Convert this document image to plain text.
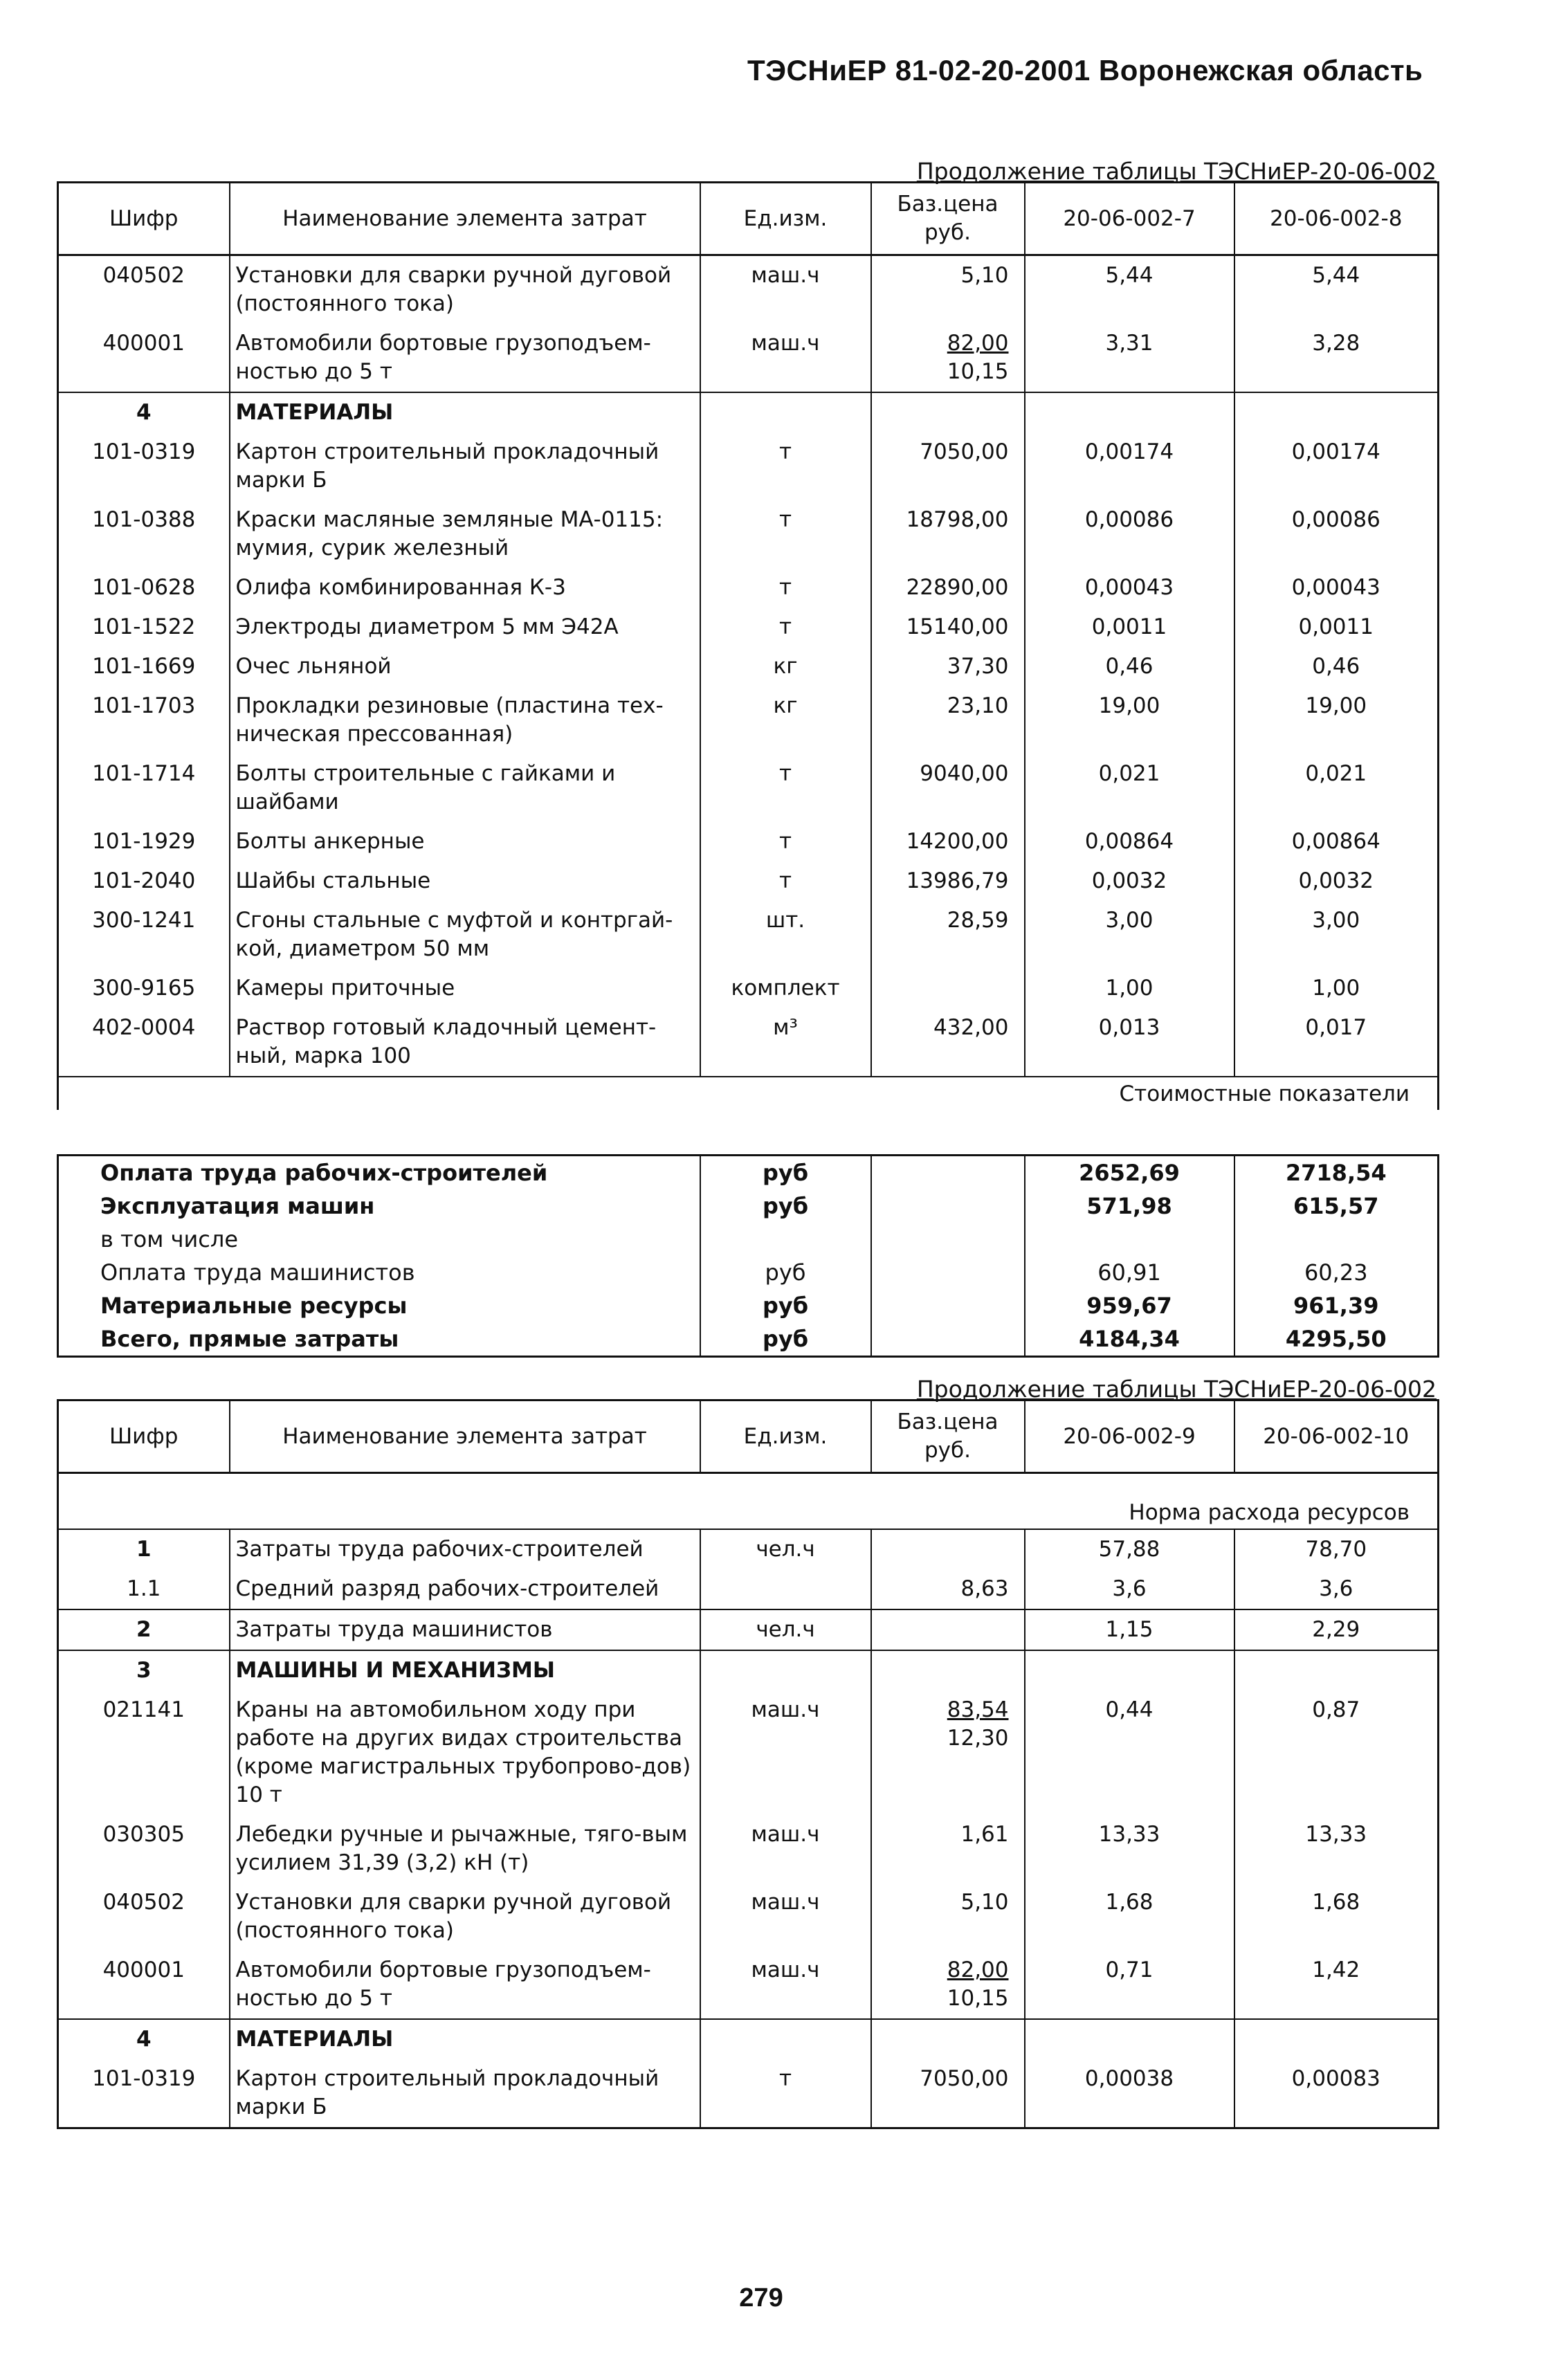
ТЭСНиЕР 81-02-20-2001 Воронежская область
Продолжение таблицы ТЭСНиЕР-20-06-002
Шифр	Наименование элемента затрат	Ед.изм.	Баз.цена руб.	20-06-002-7	20-06-002-8
040502	Установки для сварки ручной дуговой (постоянного тока)	маш.ч	5,10	5,44	5,44
400001	Автомобили бортовые грузоподъем-ностью до 5 т	маш.ч	$\frac{82,00}{10,15}$	3,31	3,28
4	МАТЕРИАЛЫ				
101-0319	Картон строительный прокладочный марки Б	т	7050,00	0,00174	0,00174
101-0388	Краски масляные земляные МА-0115: мумия, сурик железный	т	18798,00	0,00086	0,00086
101-0628	Олифа комбинированная К-3	т	22890,00	0,00043	0,00043
101-1522	Электроды диаметром 5 мм Э42А	т	15140,00	0,0011	0,0011
101-1669	Очес льняной	кг	37,30	0,46	0,46
101-1703	Прокладки резиновые (пластина тех-ническая прессованная)	кг	23,10	19,00	19,00
101-1714	Болты строительные с гайками и шайбами	т	9040,00	0,021	0,021
101-1929	Болты анкерные	т	14200,00	0,00864	0,00864
101-2040	Шайбы стальные	т	13986,79	0,0032	0,0032
300-1241	Сгоны стальные с муфтой и контргай-кой, диаметром 50 мм	шт.	28,59	3,00	3,00
300-9165	Камеры приточные	комплект		1,00	1,00
402-0004	Раствор готовый кладочный цемент-ный, марка 100	м³	432,00	0,013	0,017
Стоимостные показатели					
Оплата труда рабочих-строителей	руб		2652,69	2718,54
Эксплуатация машин	руб		571,98	615,57
в том числе				
Оплата труда машинистов	руб		60,91	60,23
Материальные ресурсы	руб		959,67	961,39
Всего, прямые затраты	руб		4184,34	4295,50
Продолжение таблицы ТЭСНиЕР-20-06-002
Шифр	Наименование элемента затрат	Ед.изм.	Баз.цена руб.	20-06-002-9	20-06-002-10
Норма расхода ресурсов					
1	Затраты труда рабочих-строителей	чел.ч		57,88	78,70
1.1	Средний разряд рабочих-строителей		8,63	3,6	3,6
2	Затраты труда машинистов	чел.ч		1,15	2,29
3	МАШИНЫ И МЕХАНИЗМЫ				
021141	Краны на автомобильном ходу при работе на других видах строительства (кроме магистральных трубопрово-дов) 10 т	маш.ч	$\frac{83,54}{12,30}$	0,44	0,87
030305	Лебедки ручные и рычажные, тяго-вым усилием 31,39 (3,2) кН (т)	маш.ч	1,61	13,33	13,33
040502	Установки для сварки ручной дуговой (постоянного тока)	маш.ч	5,10	1,68	1,68
400001	Автомобили бортовые грузоподъем-ностью до 5 т	маш.ч	$\frac{82,00}{10,15}$	0,71	1,42
4	МАТЕРИАЛЫ				
101-0319	Картон строительный прокладочный марки Б	т	7050,00	0,00038	0,00083
279
